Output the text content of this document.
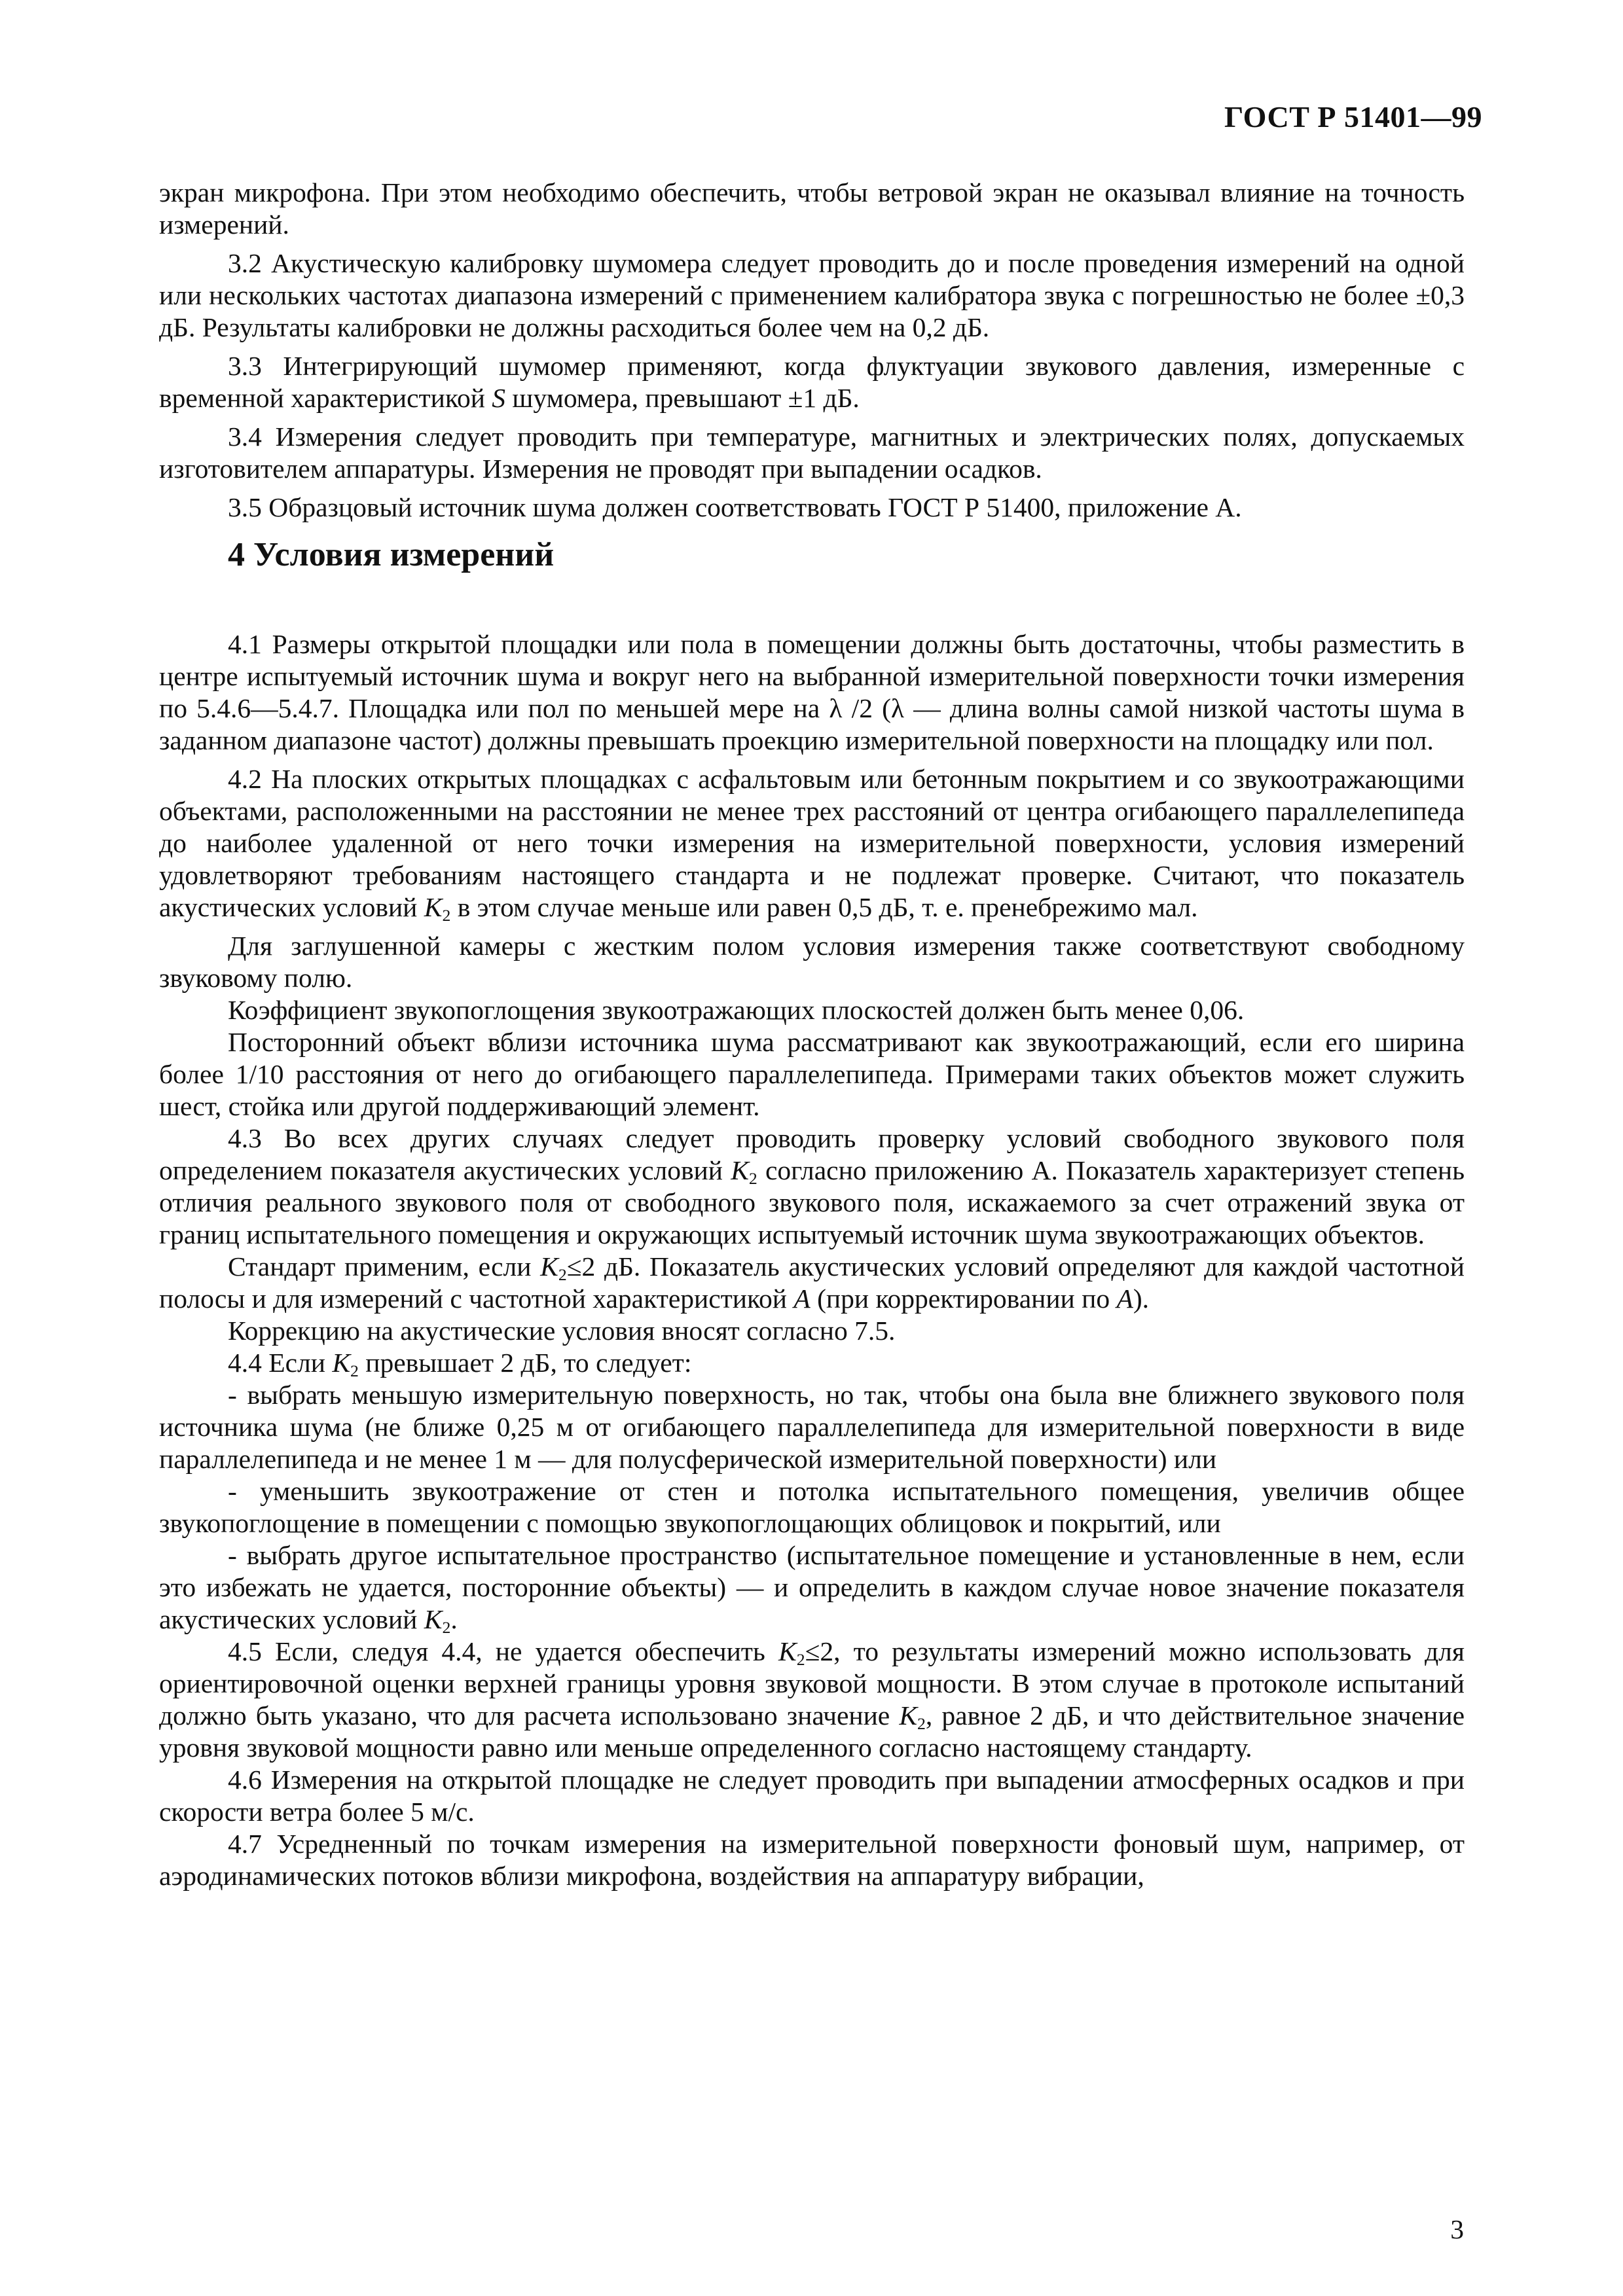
ГОСТ Р 51401—99

экран микрофона. При этом необходимо обеспечить, чтобы ветровой экран не оказывал влияние на точность измерений.

3.2 Акустическую калибровку шумомера следует проводить до и после проведения измерений на одной или нескольких частотах диапазона измерений с применением калибратора звука с погрешностью не более ±0,3 дБ. Результаты калибровки не должны расходиться более чем на 0,2 дБ.

3.3 Интегрирующий шумомер применяют, когда флуктуации звукового давления, измеренные с временной характеристикой S шумомера, превышают ±1 дБ.

3.4 Измерения следует проводить при температуре, магнитных и электрических полях, допускаемых изготовителем аппаратуры. Измерения не проводят при выпадении осадков.

3.5 Образцовый источник шума должен соответствовать ГОСТ Р 51400, приложение А.

4 Условия измерений

4.1 Размеры открытой площадки или пола в помещении должны быть достаточны, чтобы разместить в центре испытуемый источник шума и вокруг него на выбранной измерительной поверхности точки измерения по 5.4.6—5.4.7. Площадка или пол по меньшей мере на λ /2 (λ — длина волны самой низкой частоты шума в заданном диапазоне частот) должны превышать проекцию измерительной поверхности на площадку или пол.

4.2 На плоских открытых площадках с асфальтовым или бетонным покрытием и со звукоотражающими объектами, расположенными на расстоянии не менее трех расстояний от центра огибающего параллелепипеда до наиболее удаленной от него точки измерения на измерительной поверхности, условия измерений удовлетворяют требованиям настоящего стандарта и не подлежат проверке. Считают, что показатель акустических условий $K_2$ в этом случае меньше или равен 0,5 дБ, т. е. пренебрежимо мал.

Для заглушенной камеры с жестким полом условия измерения также соответствуют свободному звуковому полю.

Коэффициент звукопоглощения звукоотражающих плоскостей должен быть менее 0,06.

Посторонний объект вблизи источника шума рассматривают как звукоотражающий, если его ширина более 1/10 расстояния от него до огибающего параллелепипеда. Примерами таких объектов может служить шест, стойка или другой поддерживающий элемент.

4.3 Во всех других случаях следует проводить проверку условий свободного звукового поля определением показателя акустических условий $K_2$ согласно приложению А. Показатель характеризует степень отличия реального звукового поля от свободного звукового поля, искажаемого за счет отражений звука от границ испытательного помещения и окружающих испытуемый источник шума звукоотражающих объектов.

Стандарт применим, если $K_2\le 2$ дБ. Показатель акустических условий определяют для каждой частотной полосы и для измерений с частотной характеристикой A (при корректировании по A).

Коррекцию на акустические условия вносят согласно 7.5.

4.4 Если $K_2$ превышает 2 дБ, то следует:

- выбрать меньшую измерительную поверхность, но так, чтобы она была вне ближнего звукового поля источника шума (не ближе 0,25 м от огибающего параллелепипеда для измерительной поверхности в виде параллелепипеда и не менее 1 м — для полусферической измерительной поверхности) или

- уменьшить звукоотражение от стен и потолка испытательного помещения, увеличив общее звукопоглощение в помещении с помощью звукопоглощающих облицовок и покрытий, или

- выбрать другое испытательное пространство (испытательное помещение и установленные в нем, если это избежать не удается, посторонние объекты) — и определить в каждом случае новое значение показателя акустических условий $K_2$.

4.5 Если, следуя 4.4, не удается обеспечить $K_2\le 2$, то результаты измерений можно использовать для ориентировочной оценки верхней границы уровня звуковой мощности. В этом случае в протоколе испытаний должно быть указано, что для расчета использовано значение $K_2$, равное 2 дБ, и что действительное значение уровня звуковой мощности равно или меньше определенного согласно настоящему стандарту.

4.6 Измерения на открытой площадке не следует проводить при выпадении атмосферных осадков и при скорости ветра более 5 м/с.

4.7 Усредненный по точкам измерения на измерительной поверхности фоновый шум, например, от аэродинамических потоков вблизи микрофона, воздействия на аппаратуру вибрации,

3
